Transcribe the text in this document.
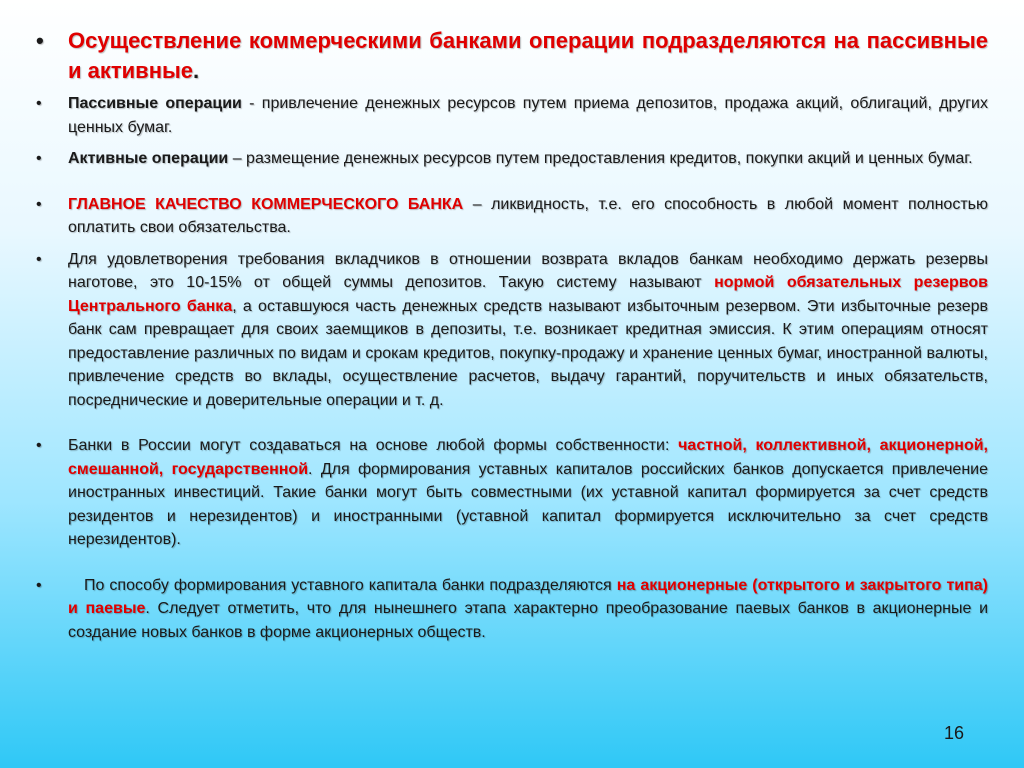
• Осуществление коммерческими банками операции подразделяются на пассивные и активные.
• Пассивные операции - привлечение денежных ресурсов путем приема депозитов, продажа акций, облигаций, других ценных бумаг.
• Активные операции – размещение денежных ресурсов путем предоставления кредитов, покупки акций и ценных бумаг.
• ГЛАВНОЕ КАЧЕСТВО КОММЕРЧЕСКОГО БАНКА – ликвидность, т.е. его способность в любой момент полностью оплатить свои обязательства.
• Для удовлетворения требования вкладчиков в отношении возврата вкладов банкам необходимо держать резервы наготове, это 10-15% от общей суммы депозитов. Такую систему называют нормой обязательных резервов Центрального банка, а оставшуюся часть денежных средств называют избыточным резервом. Эти избыточные резерв банк сам превращает для своих заемщиков в депозиты, т.е. возникает кредитная эмиссия. К этим операциям относят предоставление различных по видам и срокам кредитов, покупку-продажу и хранение ценных бумаг, иностранной валюты, привлечение средств во вклады, осуществление расчетов, выдачу гарантий, поручительств и иных обязательств, посреднические и доверительные операции и т. д.
• Банки в России могут создаваться на основе любой формы собственности: частной, коллективной, акционерной, смешанной, государственной. Для формирования уставных капиталов российских банков допускается привлечение иностранных инвестиций. Такие банки могут быть совместными (их уставной капитал формируется за счет средств резидентов и нерезидентов) и иностранными (уставной капитал формируется исключительно за счет средств нерезидентов).
•	По способу формирования уставного капитала банки подразделяются на акционерные (открытого и закрытого типа) и паевые. Следует отметить, что для нынешнего этапа характерно преобразование паевых банков в акционерные и создание новых банков в форме акционерных обществ.
16
